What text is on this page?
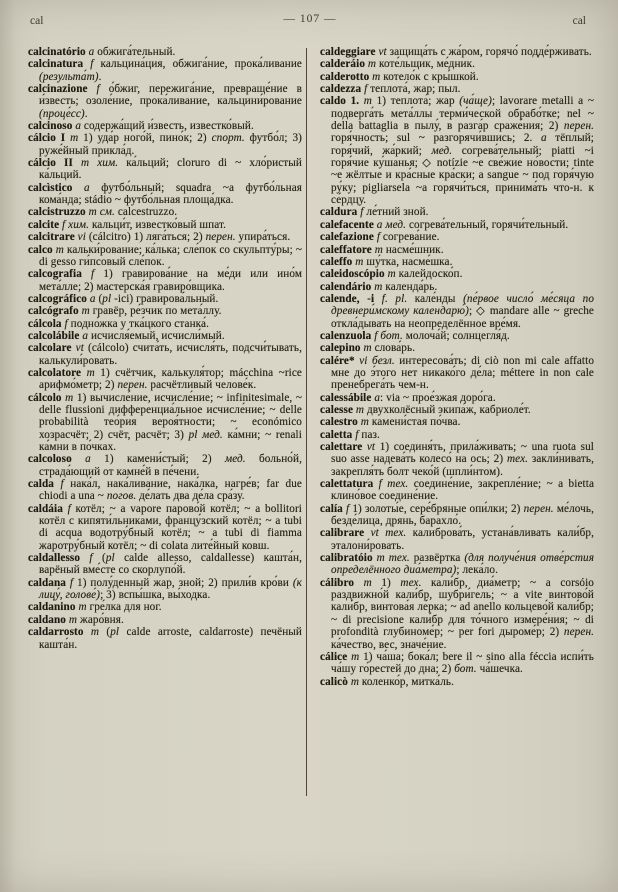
cal	— 107 —	cal

calcinatório a обжига́тельный.

calcinatura f кальцина́ция, обжига́ние, прока́ливание (результа́т).

calcinazione f о́бжиг, пережига́ние, превраще́ние в и́звесть; озоле́ние, прока́ливание, кальцини́рование (проце́сс).

calcinoso a содержа́щий и́звесть, известко́вый.

cálcio I m 1) уда́р ного́й, пино́к; 2) спорт. футбо́л; 3) руже́йный прикла́д.

cálcio II m хим. ка́льций; cloruro di ~ хло́ристый ка́льций.

calcìstico a футбо́льный; squadra ~a футбо́льная кома́нда; stádio ~ футбо́льная площа́дка.

calcistruzzo m см. calcestruzzo.

calcite f хим. кальци́т, известко́вый шпат.

calcitrare vi (cálcitro) 1) ляга́ться; 2) перен. упира́ться.

calco m кальки́рование; ка́лька; сле́пок со скульпту́ры; ~ di gesso ги́псовый сле́пок.

calcografia f 1) гравирова́ние на ме́ди или ино́м мета́лле; 2) мастерска́я гравиро́вщика.

calcográfico a (pl -ici) гравирова́льный.

calcógrafo m гравёр, ре́зчик по мета́ллу.

cálcola f подно́жка у тка́цкого станка́.

calcolábile a исчисля́емый, исчисли́мый.

calcolare vt (cálcolo) счита́ть, исчисля́ть, подсчи́тывать, калькули́ровать.

calcolatore m 1) счётчик, калькуля́тор; mácchina ~rice арифмо́метр; 2) перен. расчётливый челове́к.

cálcolo m 1) вычисле́ние, исчисле́ние; ~ infinitesimale, ~ delle flussioni дифференциа́льное исчисле́ние; ~ delle probabilità тео́рия вероя́тности; ~ económico хозрасчёт; 2) счёт, расчёт; 3) pl мед. ка́мни; ~ renali ка́мни в по́чках.

calcoloso a 1) камени́стый; 2) мед. больно́й, страда́ющий от камне́й в пе́чени.

calda f нака́л, нака́ливание, нака́лка, нагре́в; far due chiodi a una ~ погов. де́лать два де́ла сра́зу.

caldáia f котёл; ~ a vapore парово́й котёл; ~ a bollitori котёл с кипяти́льниками, францу́зский котёл; ~ a tubi di acqua водотру́бный котёл; ~ a tubi di fiamma жаротру́бный котёл; ~ di colata лите́йный ковш.

caldallesso f (pl calde allesso, caldallesse) кашта́н, варёный вме́сте со скорлупо́й.

caldana f 1) полу́денный жар, зной; 2) прили́в кро́ви (к лицу́, голове́); 3) вспы́шка, вы́ходка.

caldanino m гре́лка для ног.

caldano m жаро́вня.

caldarrosto m (pl calde arroste, caldarroste) печёный кашта́н.

caldeggiare vt защища́ть с жа́ром, горячо́ подде́рживать.

calderáio m коте́льщик, ме́дник.

calderotto m котело́к с кры́шкой.

caldezza f теплота́, жар; пыл.

caldo 1. m 1) теплота́; жар (ча́ще); lavorare metalli a ~ подверга́ть мета́ллы терми́ческой обрабо́тке; nel ~ della battaglia в пылу́, в разга́р сраже́ния; 2) перен. горя́чность; sul ~ разгорячи́вшись; 2. a тёплый; горя́чий, жа́ркий; мед. согрева́тельный; piatti ~i горя́чие ку́шанья; ◇ notízie ~e све́жие но́вости; tinte ~e жёлтые и кра́сные кра́ски; a sangue ~ под горя́чую ру́ку; pigliarsela ~a горячи́ться, принима́ть что-н. к се́рдцу.

caldura f ле́тний зной.

calefacente a мед. согрева́тельный, горячи́тельный.

calefazione f согрева́ние.

caleffatore m насме́шник.

caleffo m шу́тка, насме́шка.

caleidoscópio m калейдоско́п.

calendário m календа́рь.

calende, -i f. pl. кале́нды (пе́рвое число́ ме́сяца по древнери́мскому календарю́); ◇ mandare alle ~ greche откла́дывать на неопределённое вре́мя.

calenzuola f бот. молоча́й; солнцегля́д.

calepino m слова́рь.

calére* vi безл. интересова́ть; di ciò non mi cale affatto мне до э́того нет никако́го де́ла; méttere in non cale пренебрега́ть чем-н.

calessábile a: via ~ прое́зжая доро́га.

calesse m двухколёсный экипа́ж, кабриоле́т.

calestro m камени́стая по́чва.

caletta f паз.

calettare vt 1) соединя́ть, прила́живать; ~ una ruota sul suo asse надева́ть колесо́ на ось; 2) тех. закли́нивать, закрепля́ть болт чеко́й (шпли́нтом).

calettatura f тех. соедине́ние, закрепле́ние; ~ a bietta клино́вое соедине́ние.

calía f 1) золоты́е, сере́бряные опи́лки; 2) перен. ме́лочь, безде́лица, дрянь, барахло́.

calibrare vt тех. калиброва́ть, устана́вливать кали́бр, эталони́ровать.

calibratóio m тех. развёртка (для получе́ния отве́рстия определённого диа́метра); лека́ло.

cálibro m 1) тех. кали́бр, диа́метр; ~ a corsóio раздвижно́й кали́бр, шубри́гель; ~ a vite винтово́й кали́бр, винтова́я ле́рка; ~ ad anello кольцево́й кали́бр; ~ di precisione кали́бр для то́чного измере́ния; ~ di profondità глубиноме́р; ~ per fori дыроме́р; 2) перен. ка́чество, вес, значе́ние.

cálice m 1) ча́ша; бока́л; bere il ~ sino alla féccia испи́ть ча́шу го́рестей до дна; 2) бот. ча́шечка.

calicò m коленко́р, митка́ль.
